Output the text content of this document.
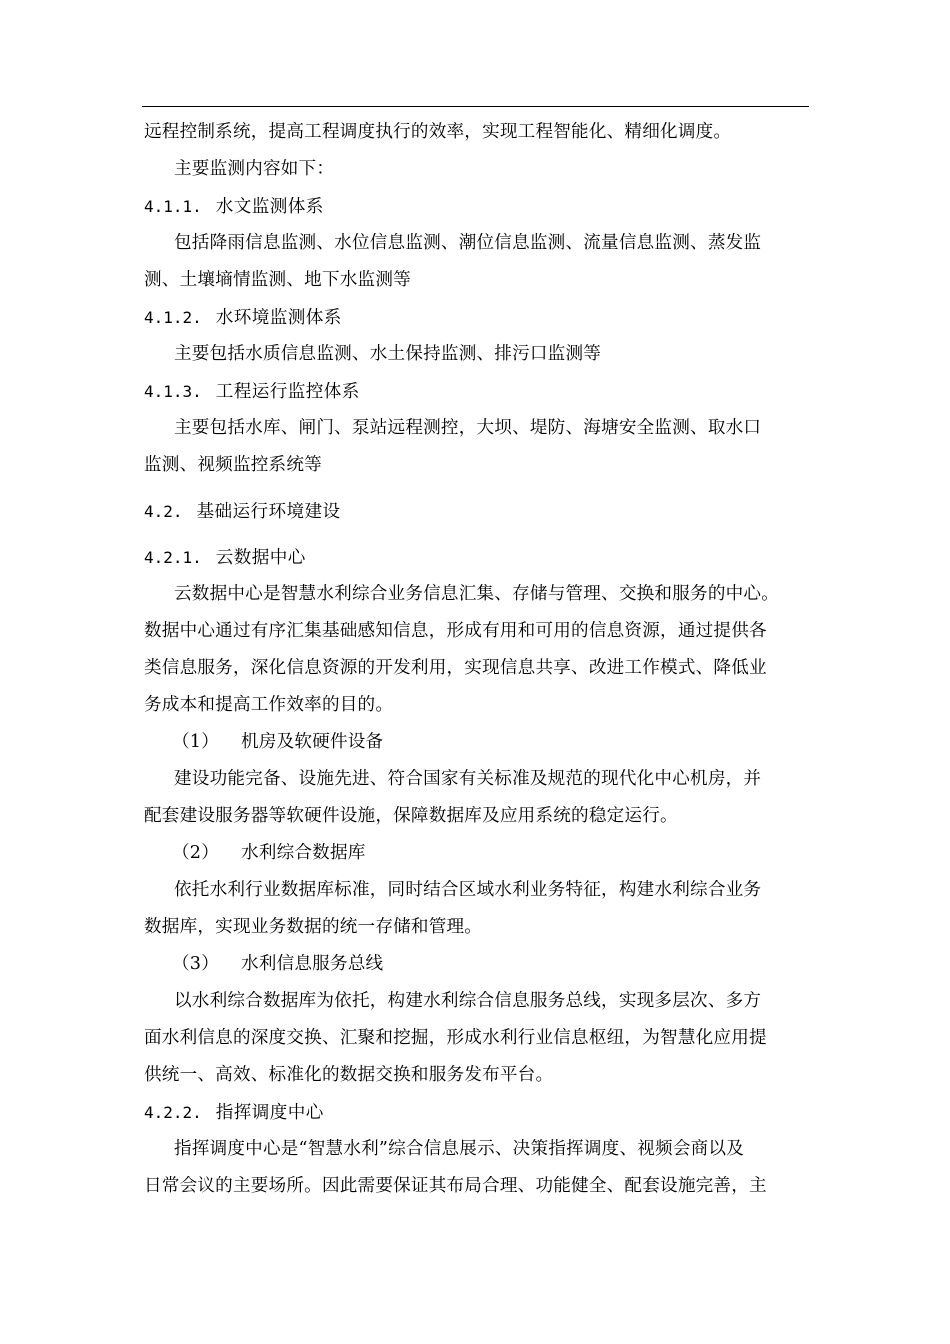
远程控制系统，提高工程调度执行的效率，实现工程智能化、精细化调度。
主要监测内容如下：
4.1.1. 水文监测体系
包括降雨信息监测、水位信息监测、潮位信息监测、流量信息监测、蒸发监
测、土壤墒情监测、地下水监测等
4.1.2. 水环境监测体系
主要包括水质信息监测、水土保持监测、排污口监测等
4.1.3. 工程运行监控体系
主要包括水库、闸门、泵站远程测控，大坝、堤防、海塘安全监测、取水口
监测、视频监控系统等
4.2. 基础运行环境建设
4.2.1. 云数据中心
云数据中心是智慧水利综合业务信息汇集、存储与管理、交换和服务的中心。
数据中心通过有序汇集基础感知信息，形成有用和可用的信息资源，通过提供各
类信息服务，深化信息资源的开发利用，实现信息共享、改进工作模式、降低业
务成本和提高工作效率的目的。
（1） 机房及软硬件设备
建设功能完备、设施先进、符合国家有关标准及规范的现代化中心机房，并
配套建设服务器等软硬件设施，保障数据库及应用系统的稳定运行。
（2） 水利综合数据库
依托水利行业数据库标准，同时结合区域水利业务特征，构建水利综合业务
数据库，实现业务数据的统一存储和管理。
（3） 水利信息服务总线
以水利综合数据库为依托，构建水利综合信息服务总线，实现多层次、多方
面水利信息的深度交换、汇聚和挖掘，形成水利行业信息枢纽，为智慧化应用提
供统一、高效、标准化的数据交换和服务发布平台。
4.2.2. 指挥调度中心
指挥调度中心是“智慧水利”综合信息展示、决策指挥调度、视频会商以及
日常会议的主要场所。因此需要保证其布局合理、功能健全、配套设施完善，主
